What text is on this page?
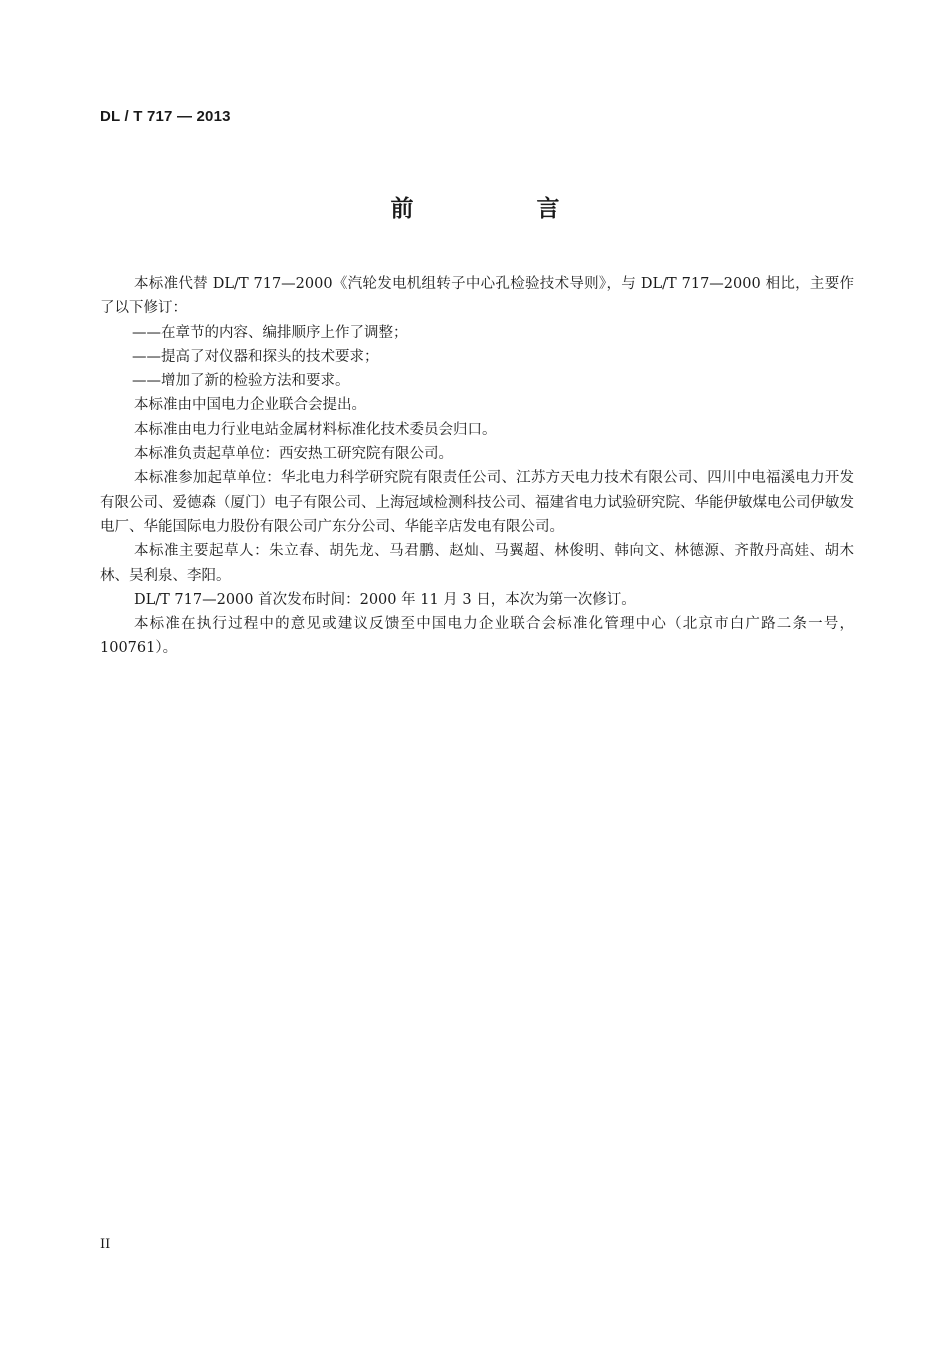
DL / T 717 — 2013
前　言

本标准代替 DL/T 717—2000《汽轮发电机组转子中心孔检验技术导则》，与 DL/T 717—2000 相比，主要作了以下修订：

——在章节的内容、编排顺序上作了调整；

——提高了对仪器和探头的技术要求；

——增加了新的检验方法和要求。

本标准由中国电力企业联合会提出。

本标准由电力行业电站金属材料标准化技术委员会归口。

本标准负责起草单位：西安热工研究院有限公司。

本标准参加起草单位：华北电力科学研究院有限责任公司、江苏方天电力技术有限公司、四川中电福溪电力开发有限公司、爱德森（厦门）电子有限公司、上海冠域检测科技公司、福建省电力试验研究院、华能伊敏煤电公司伊敏发电厂、华能国际电力股份有限公司广东分公司、华能辛店发电有限公司。

本标准主要起草人：朱立春、胡先龙、马君鹏、赵灿、马翼超、林俊明、韩向文、林德源、齐散丹高娃、胡木林、吴利泉、李阳。

DL/T 717—2000 首次发布时间：2000 年 11 月 3 日，本次为第一次修订。

本标准在执行过程中的意见或建议反馈至中国电力企业联合会标准化管理中心（北京市白广路二条一号，100761）。

II
